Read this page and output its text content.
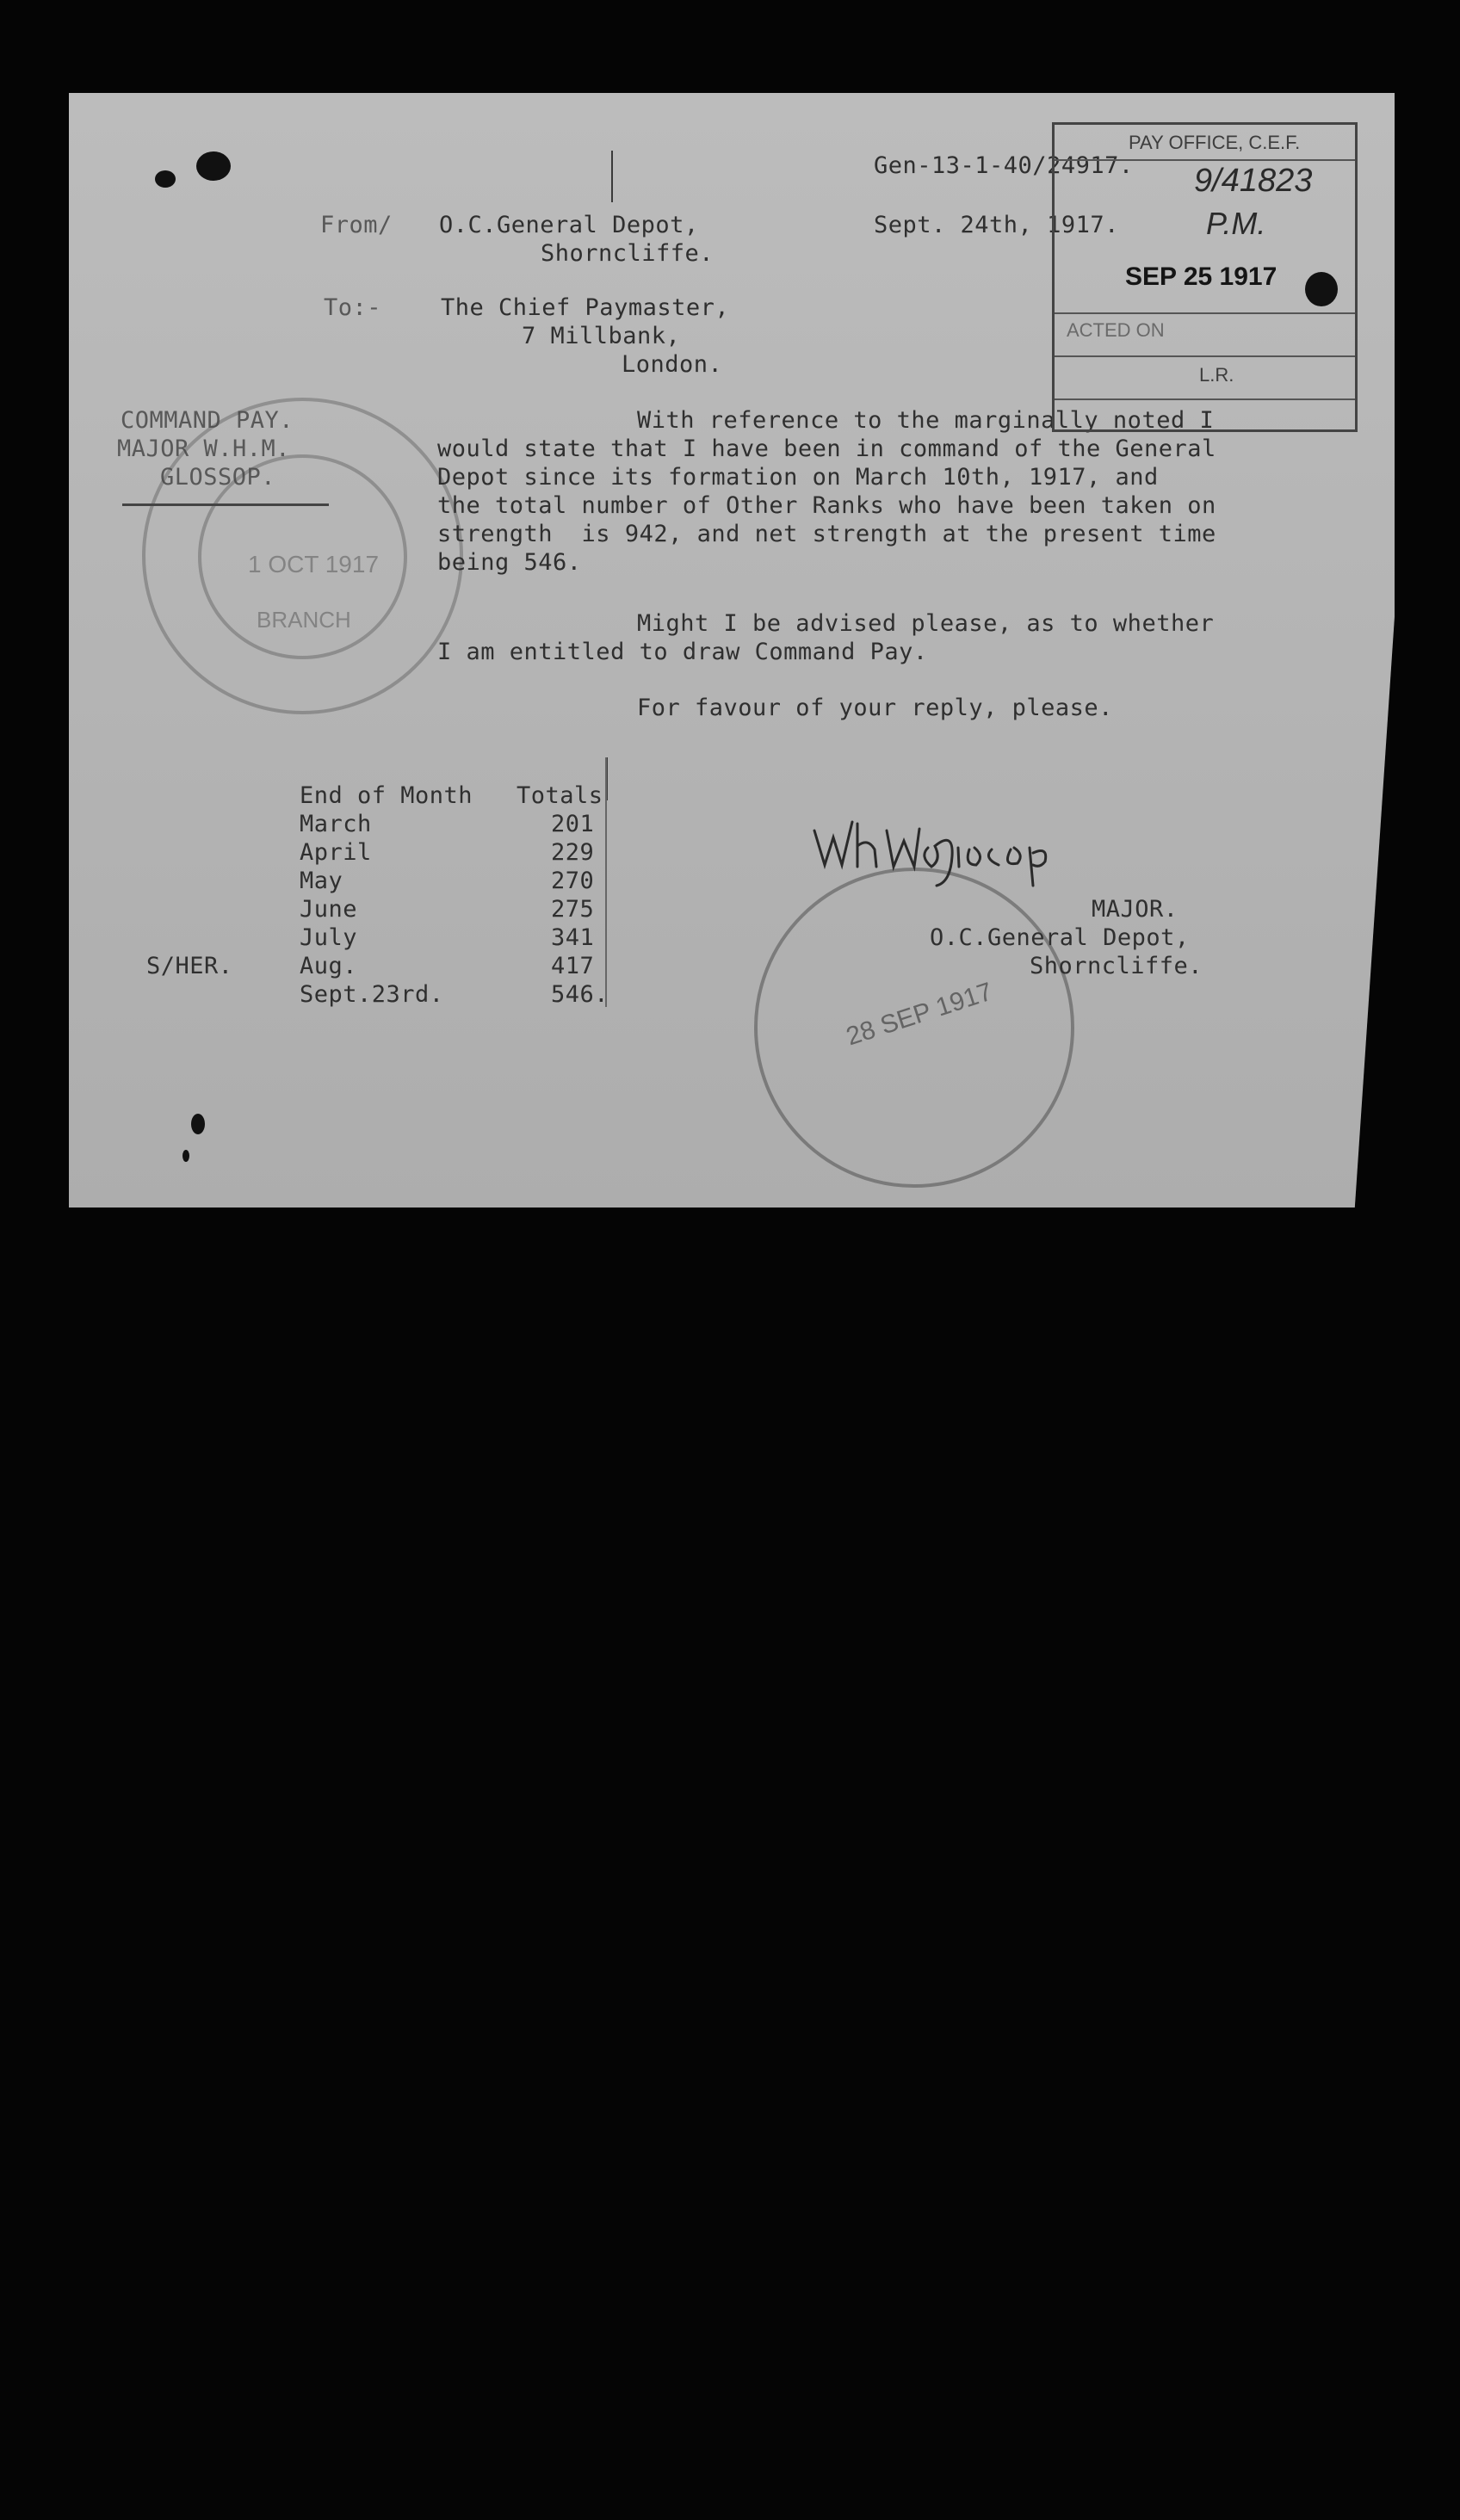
Gen-13-1-40/24917.
Sept. 24th, 1917.
From/ O.C.General Depot,
Shorncliffe.
To:-	The Chief Paymaster,
7 Millbank,
London.
COMMAND PAY.
MAJOR W.H.M.
GLOSSOP.
1 OCT 1917
BRANCH
With reference to the marginally noted I
would state that I have been in command of the General
Depot since its formation on March 10th, 1917, and
the total number of Other Ranks who have been taken on
strength  is 942, and net strength at the present time
being 546.
Might I be advised please, as to whether
I am entitled to draw Command Pay.
For favour of your reply, please.
End of Month Totals
March	201
April	229
May	270
June	275
July	341
Aug.	417
Sept.23rd.	546.
S/HER.
28 SEP 1917
MAJOR.
O.C.General Depot,
Shorncliffe.
PAY OFFICE, C.E.F.
9/41823
P.M.
SEP 25 1917
ACTED ON
L.R.
